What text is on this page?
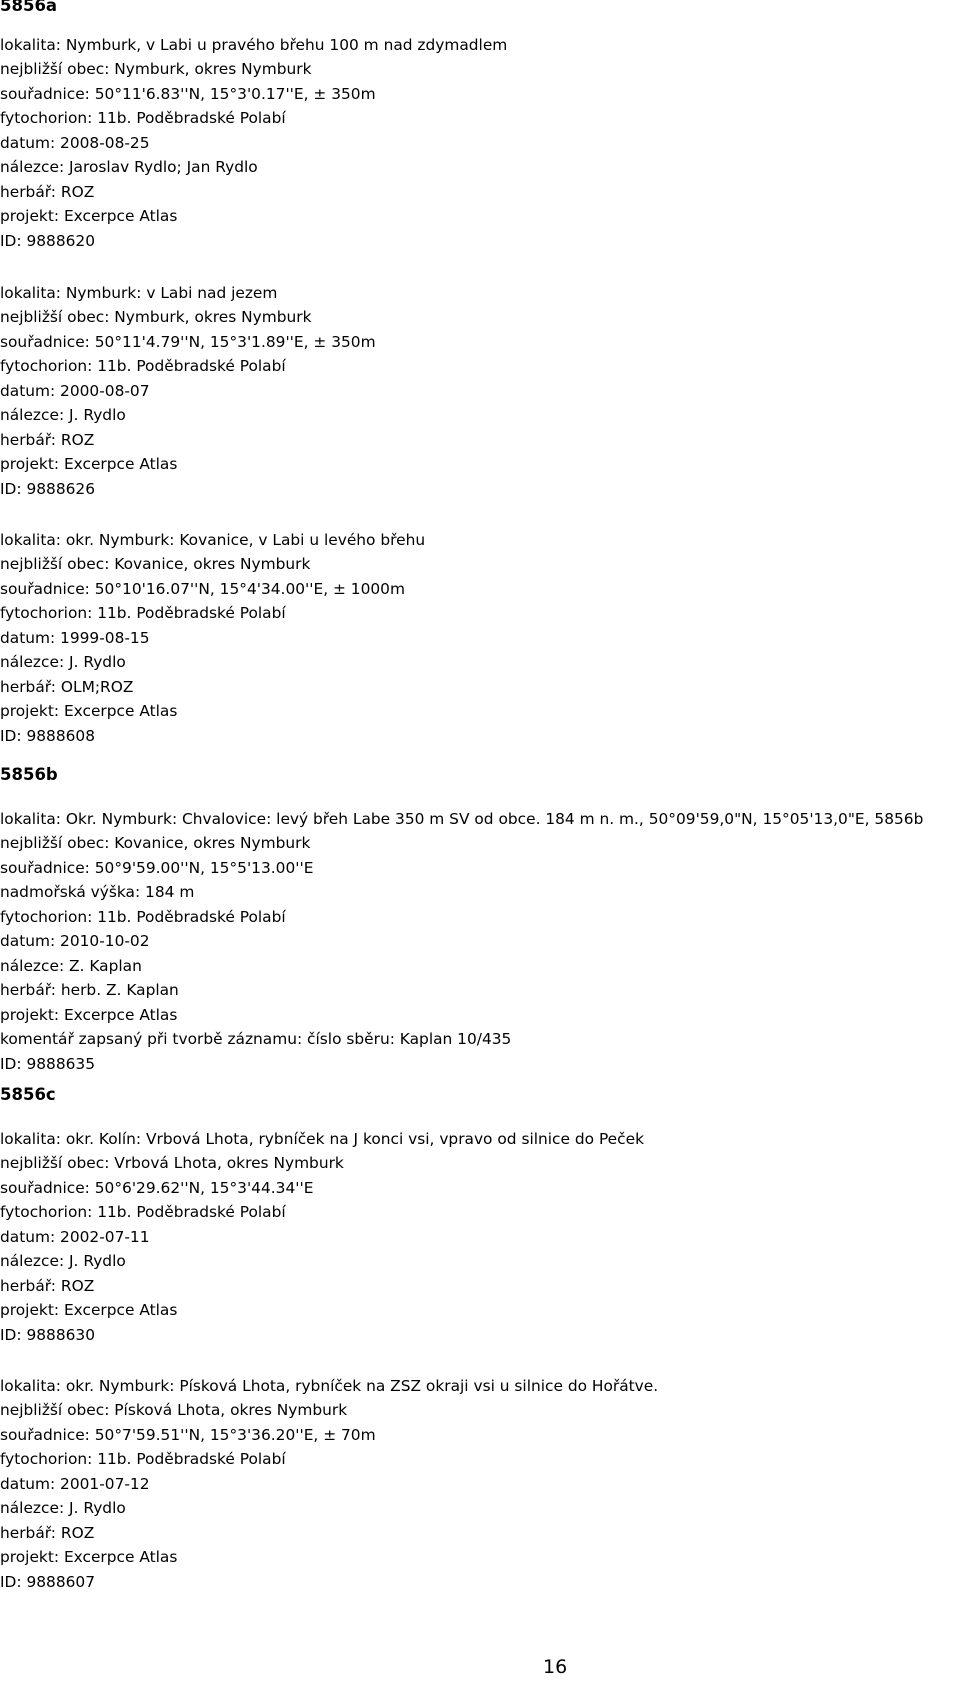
5856a
lokalita: Nymburk, v Labi u pravého břehu 100 m nad zdymadlem
nejbližší obec: Nymburk, okres Nymburk
souřadnice: 50°11'6.83''N, 15°3'0.17''E, ± 350m
fytochorion: 11b. Poděbradské Polabí
datum: 2008-08-25
nálezce: Jaroslav Rydlo; Jan Rydlo
herbář: ROZ
projekt: Excerpce Atlas
ID: 9888620
lokalita: Nymburk: v Labi nad jezem
nejbližší obec: Nymburk, okres Nymburk
souřadnice: 50°11'4.79''N, 15°3'1.89''E, ± 350m
fytochorion: 11b. Poděbradské Polabí
datum: 2000-08-07
nálezce: J. Rydlo
herbář: ROZ
projekt: Excerpce Atlas
ID: 9888626
lokalita: okr. Nymburk: Kovanice, v Labi u levého břehu
nejbližší obec: Kovanice, okres Nymburk
souřadnice: 50°10'16.07''N, 15°4'34.00''E, ± 1000m
fytochorion: 11b. Poděbradské Polabí
datum: 1999-08-15
nálezce: J. Rydlo
herbář: OLM;ROZ
projekt: Excerpce Atlas
ID: 9888608
5856b
lokalita: Okr. Nymburk: Chvalovice: levý břeh Labe 350 m SV od obce. 184 m n. m., 50°09'59,0"N, 15°05'13,0"E, 5856b
nejbližší obec: Kovanice, okres Nymburk
souřadnice: 50°9'59.00''N, 15°5'13.00''E
nadmořská výška: 184 m
fytochorion: 11b. Poděbradské Polabí
datum: 2010-10-02
nálezce: Z. Kaplan
herbář: herb. Z. Kaplan
projekt: Excerpce Atlas
komentář zapsaný při tvorbě záznamu: číslo sběru: Kaplan 10/435
ID: 9888635
5856c
lokalita: okr. Kolín: Vrbová Lhota, rybníček na J konci vsi, vpravo od silnice do Peček
nejbližší obec: Vrbová Lhota, okres Nymburk
souřadnice: 50°6'29.62''N, 15°3'44.34''E
fytochorion: 11b. Poděbradské Polabí
datum: 2002-07-11
nálezce: J. Rydlo
herbář: ROZ
projekt: Excerpce Atlas
ID: 9888630
lokalita: okr. Nymburk: Písková Lhota, rybníček na ZSZ okraji vsi u silnice do Hořátve.
nejbližší obec: Písková Lhota, okres Nymburk
souřadnice: 50°7'59.51''N, 15°3'36.20''E, ± 70m
fytochorion: 11b. Poděbradské Polabí
datum: 2001-07-12
nálezce: J. Rydlo
herbář: ROZ
projekt: Excerpce Atlas
ID: 9888607
16
